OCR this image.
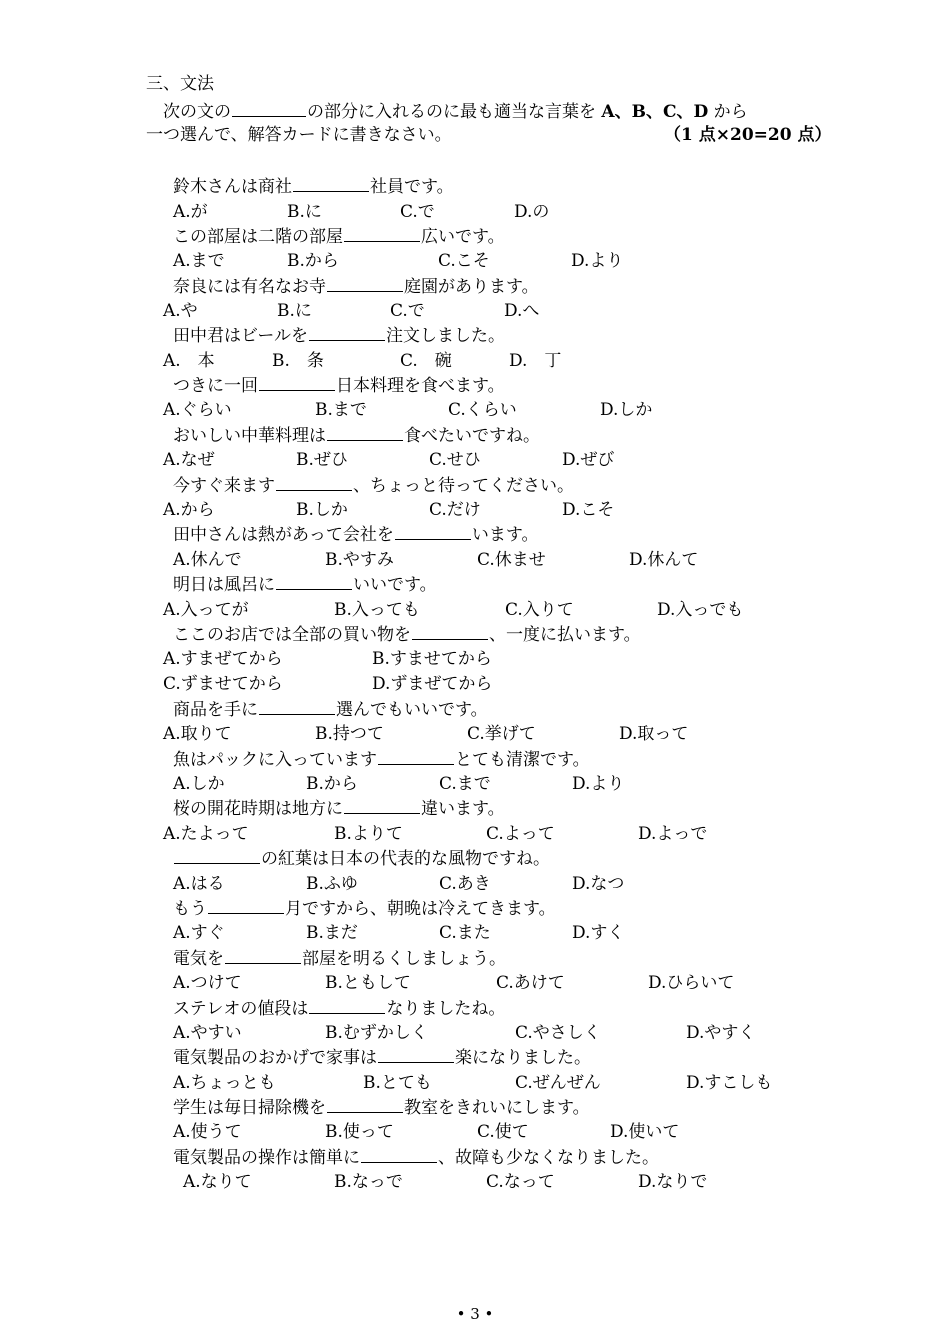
三、文法
次の文の	の部分に入れるのに最も適当な言葉を A、B、C、D から
一つ選んで、解答カードに書きなさい。	（1 点×20=20 点）
鈴木さんは商社	社員です。
A.が	B.に	C.で	D.の
この部屋は二階の部屋	広いです。
A.まで	B.から	C.こそ	D.より
奈良には有名なお寺	庭園があります。
A.や	B.に	C.で	D.へ
田中君はビールを	注文しました。
A.　本	B.　条	C.　碗	D.　丁
つきに一回	日本料理を食べます。
A.ぐらい	B.まで	C.くらい	D.しか
おいしい中華料理は	食べたいですね。
A.なぜ	B.ぜひ	C.せひ	D.ぜび
今すぐ来ます	、ちょっと待ってください。
A.から	B.しか	C.だけ	D.こそ
田中さんは熱があって会社を	います。
A.休んで	B.やすみ	C.休ませ	D.休んて
明日は風呂に	いいです。
A.入ってが	B.入っても	C.入りて	D.入っでも
ここのお店では全部の買い物を	、一度に払います。
A.すまぜてから	B.すませてから
C.ずませてから	D.ずまぜてから
商品を手に	選んでもいいです。
A.取りて	B.持つて	C.挙げて	D.取って
魚はパックに入っています	とても清潔です。
A.しか	B.から	C.まで	D.より
桜の開花時期は地方に	違います。
A.たよって	B.よりて	C.よって	D.よっで
の紅葉は日本の代表的な風物ですね。
A.はる	B.ふゆ	C.あき	D.なつ
もう	月ですから、朝晩は冷えてきます。
A.すぐ	B.まだ	C.また	D.すく
電気を	部屋を明るくしましょう。
A.つけて	B.ともして	C.あけて	D.ひらいて
ステレオの値段は	なりましたね。
A.やすい	B.むずかしく	C.やさしく	D.やすく
電気製品のおかげで家事は	楽になりました。
A.ちょっとも	B.とても	C.ぜんぜん	D.すこしも
学生は毎日掃除機を	教室をきれいにします。
A.使うて	B.使って	C.使て	D.使いて
電気製品の操作は簡単に	、故障も少なくなりました。
A.なりて	B.なっで	C.なって	D.なりで
• 3 •
